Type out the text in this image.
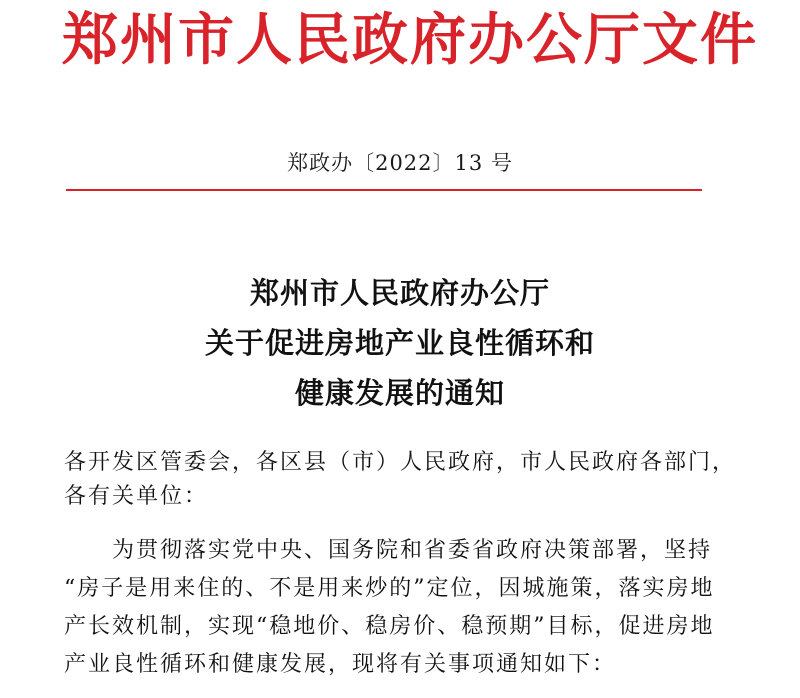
郑州市人民政府办公厅文件
郑政办〔2022〕13 号
郑州市人民政府办公厅
关于促进房地产业良性循环和
健康发展的通知
各开发区管委会，各区县（市）人民政府，市人民政府各部门，
各有关单位：
　　为贯彻落实党中央、国务院和省委省政府决策部署，坚持
“房子是用来住的、不是用来炒的”定位，因城施策，落实房地
产长效机制，实现“稳地价、稳房价、稳预期”目标，促进房地
产业良性循环和健康发展，现将有关事项通知如下：
